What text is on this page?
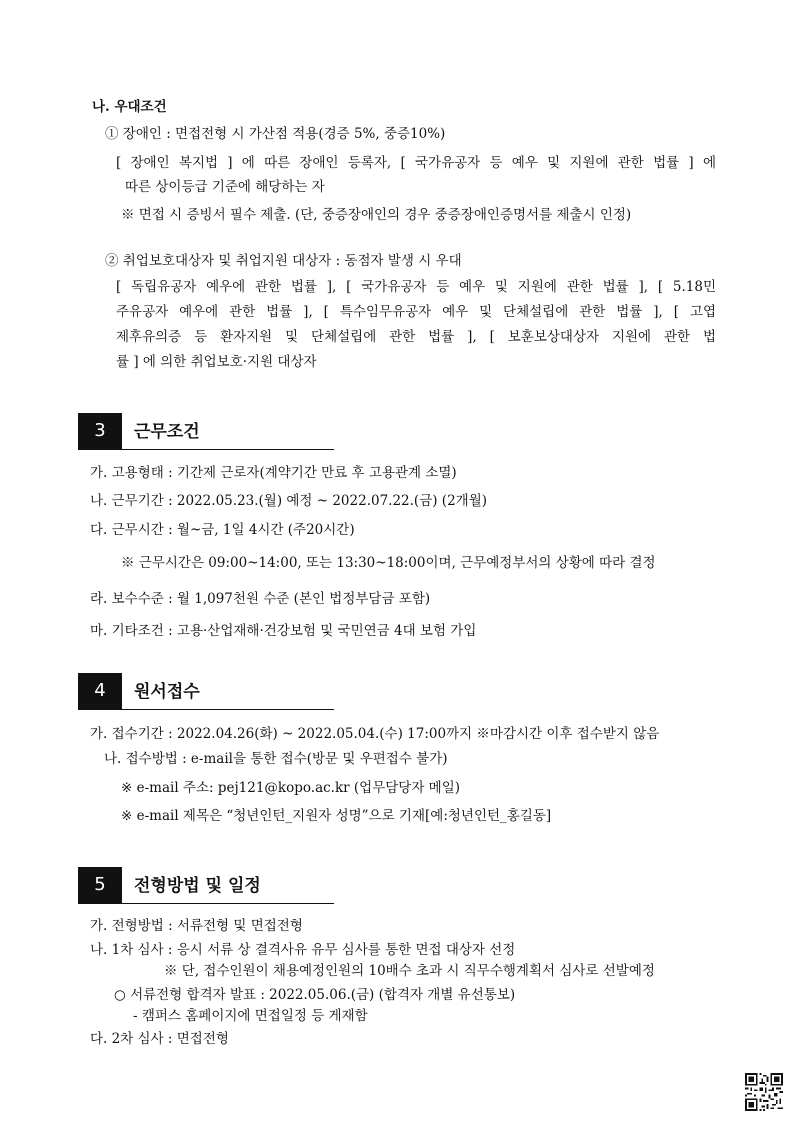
나. 우대조건
① 장애인 : 면접전형 시 가산점 적용(경증 5%, 중증10%)
[ 장애인 복지법 ] 에 따른 장애인 등록자, [ 국가유공자 등 예우 및 지원에 관한 법률 ] 에
따른 상이등급 기준에 해당하는 자
※ 면접 시 증빙서 필수 제출. (단, 중증장애인의 경우 중증장애인증명서를 제출시 인정)
② 취업보호대상자 및 취업지원 대상자 : 동점자 발생 시 우대
[ 독립유공자 예우에 관한 법률 ], [ 국가유공자 등 예우 및 지원에 관한 법률 ], [ 5.18민
주유공자 예우에 관한 법률 ], [ 특수임무유공자 예우 및 단체설립에 관한 법률 ], [ 고엽
제후유의증 등 환자지원 및 단체설립에 관한 법률 ], [ 보훈보상대상자 지원에 관한 법
률 ] 에 의한 취업보호·지원 대상자
3	근무조건
가. 고용형태 : 기간제 근로자(계약기간 만료 후 고용관계 소멸)
나. 근무기간 : 2022.05.23.(월) 예정 ~ 2022.07.22.(금) (2개월)
다. 근무시간 : 월~금, 1일 4시간 (주20시간)
※ 근무시간은 09:00~14:00, 또는 13:30~18:00이며, 근무예정부서의 상황에 따라 결정
라. 보수수준 : 월 1,097천원 수준 (본인 법정부담금 포함)
마. 기타조건 : 고용·산업재해·건강보험 및 국민연금 4대 보험 가입
4	원서접수
가. 접수기간 : 2022.04.26(화) ~ 2022.05.04.(수) 17:00까지 ※마감시간 이후 접수받지 않음
나. 접수방법 : e-mail을 통한 접수(방문 및 우편접수 불가)
※ e-mail 주소: pej121@kopo.ac.kr (업무담당자 메일)
※ e-mail 제목은 “청년인턴_지원자 성명”으로 기재[예:청년인턴_홍길동]
5	전형방법 및 일정
가. 전형방법 : 서류전형 및 면접전형
나. 1차 심사 : 응시 서류 상 결격사유 유무 심사를 통한 면접 대상자 선정
※ 단, 접수인원이 채용예정인원의 10배수 초과 시 직무수행계획서 심사로 선발예정
○ 서류전형 합격자 발표 : 2022.05.06.(금) (합격자 개별 유선통보)
- 캠퍼스 홈페이지에 면접일정 등 게재함
다. 2차 심사 : 면접전형
